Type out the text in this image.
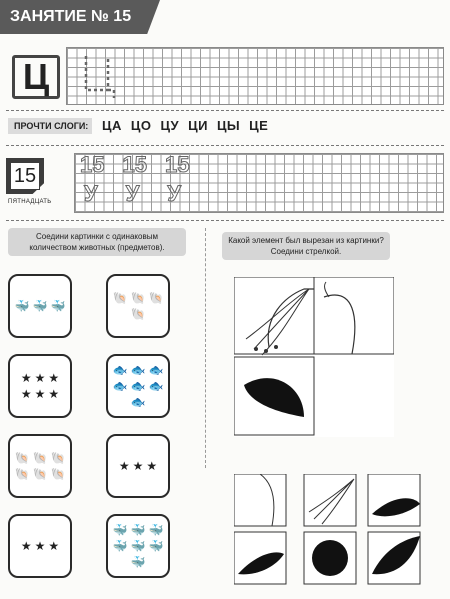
ЗАНЯТИЕ № 15
Ц
ПРОЧТИ СЛОГИ: ЦА ЦО ЦУ ЦИ ЦЫ ЦЕ
15
ПЯТНАДЦАТЬ
15 15 15
У У У
Соедини картинки с одинаковым количеством животных (предметов).
🐳 🐳 🐳
★ ★ ★
★ ★ ★
🐚 🐚 🐚
🐚 🐚 🐚
★ ★ ★
🐚 🐚 🐚
🐚
🐟 🐟 🐟
🐟 🐟 🐟
🐟
★ ★ ★
🐳 🐳 🐳
🐳 🐳 🐳
🐳
Какой элемент был вырезан из картинки? Соедини стрелкой.
